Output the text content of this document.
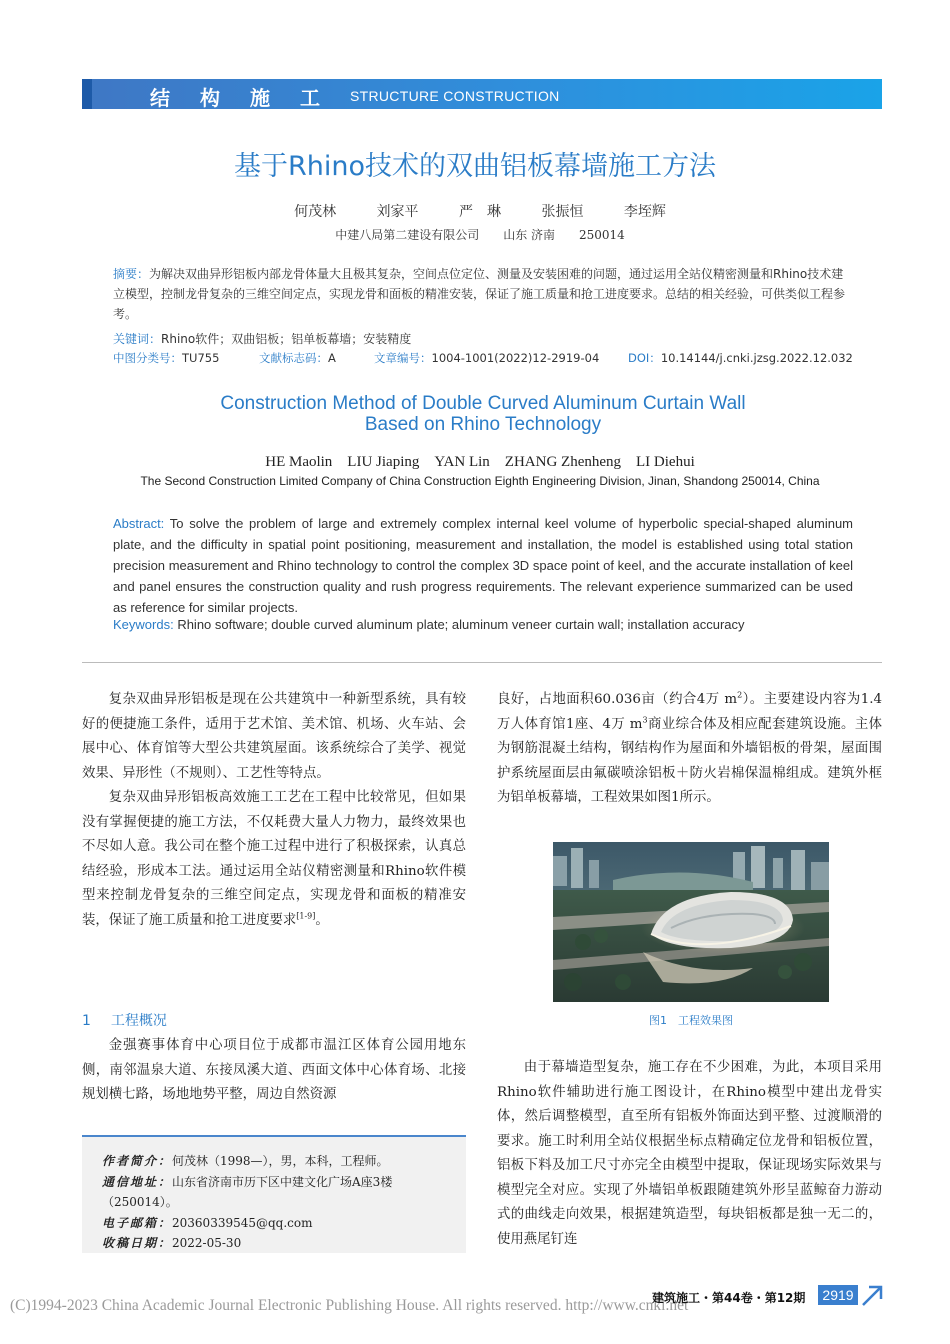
结构施工 STRUCTURE CONSTRUCTION
基于Rhino技术的双曲铝板幕墙施工方法
何茂林	刘家平	严　琳	张振恒	李垤辉
中建八局第二建设有限公司　　山东 济南　　250014
摘要：为解决双曲异形铝板内部龙骨体量大且极其复杂，空间点位定位、测量及安装困难的问题，通过运用全站仪精密测量和Rhino技术建立模型，控制龙骨复杂的三维空间定点，实现龙骨和面板的精准安装，保证了施工质量和抢工进度要求。总结的相关经验，可供类似工程参考。
关键词：Rhino软件；双曲铝板；铝单板幕墙；安装精度
中图分类号：TU755	文献标志码：A	文章编号：1004-1001(2022)12-2919-04 DOI：10.14144/j.cnki.jzsg.2022.12.032
Construction Method of Double Curved Aluminum Curtain Wall
Based on Rhino Technology
HE Maolin　LIU Jiaping　YAN Lin　ZHANG Zhenheng　LI Diehui
The Second Construction Limited Company of China Construction Eighth Engineering Division, Jinan, Shandong 250014, China
Abstract: To solve the problem of large and extremely complex internal keel volume of hyperbolic special-shaped aluminum plate, and the difficulty in spatial point positioning, measurement and installation, the model is established using total station precision measurement and Rhino technology to control the complex 3D space point of keel, and the accurate installation of keel and panel ensures the construction quality and rush progress requirements. The relevant experience summarized can be used as reference for similar projects.
Keywords: Rhino software; double curved aluminum plate; aluminum veneer curtain wall; installation accuracy

复杂双曲异形铝板是现在公共建筑中一种新型系统，具有较好的便捷施工条件，适用于艺术馆、美术馆、机场、火车站、会展中心、体育馆等大型公共建筑屋面。该系统综合了美学、视觉效果、异形性（不规则）、工艺性等特点。

复杂双曲异形铝板高效施工工艺在工程中比较常见，但如果没有掌握便捷的施工方法，不仅耗费大量人力物力，最终效果也不尽如人意。我公司在整个施工过程中进行了积极探索，认真总结经验，形成本工法。通过运用全站仪精密测量和Rhino软件模型来控制龙骨复杂的三维空间定点，实现龙骨和面板的精准安装，保证了施工质量和抢工进度要求[1-9]。

1 工程概况

金强赛事体育中心项目位于成都市温江区体育公园用地东侧，南邻温泉大道、东接凤溪大道、西面文体中心体育场、北接规划横七路，场地地势平整，周边自然资源

良好，占地面积60.036亩（约合4万 $m^2$）。主要建设内容为1.4万人体育馆1座、4万 $m^3$商业综合体及相应配套建筑设施。主体为钢筋混凝土结构，钢结构作为屋面和外墙铝板的骨架，屋面围护系统屋面层由氟碳喷涂铝板＋防火岩棉保温棉组成。建筑外框为铝单板幕墙，工程效果如图1所示。

图1　工程效果图

由于幕墙造型复杂，施工存在不少困难，为此，本项目采用Rhino软件辅助进行施工图设计，在Rhino模型中建出龙骨实体，然后调整模型，直至所有铝板外饰面达到平整、过渡顺滑的要求。施工时利用全站仪根据坐标点精确定位龙骨和铝板位置，铝板下料及加工尺寸亦完全由模型中提取，保证现场实际效果与模型完全对应。实现了外墙铝单板跟随建筑外形呈蓝鲸奋力游动式的曲线走向效果，根据建筑造型，每块铝板都是独一无二的，使用燕尾钉连

作者简介：何茂林（1998—），男，本科，工程师。
通信地址：山东省济南市历下区中建文化广场A座3楼（250014）。
电子邮箱：20360339545@qq.com
收稿日期：2022-05-30
(C)1994-2023 China Academic Journal Electronic Publishing House. All rights reserved. http://www.cnki.net
建筑施工・第44卷・第12期	2919
